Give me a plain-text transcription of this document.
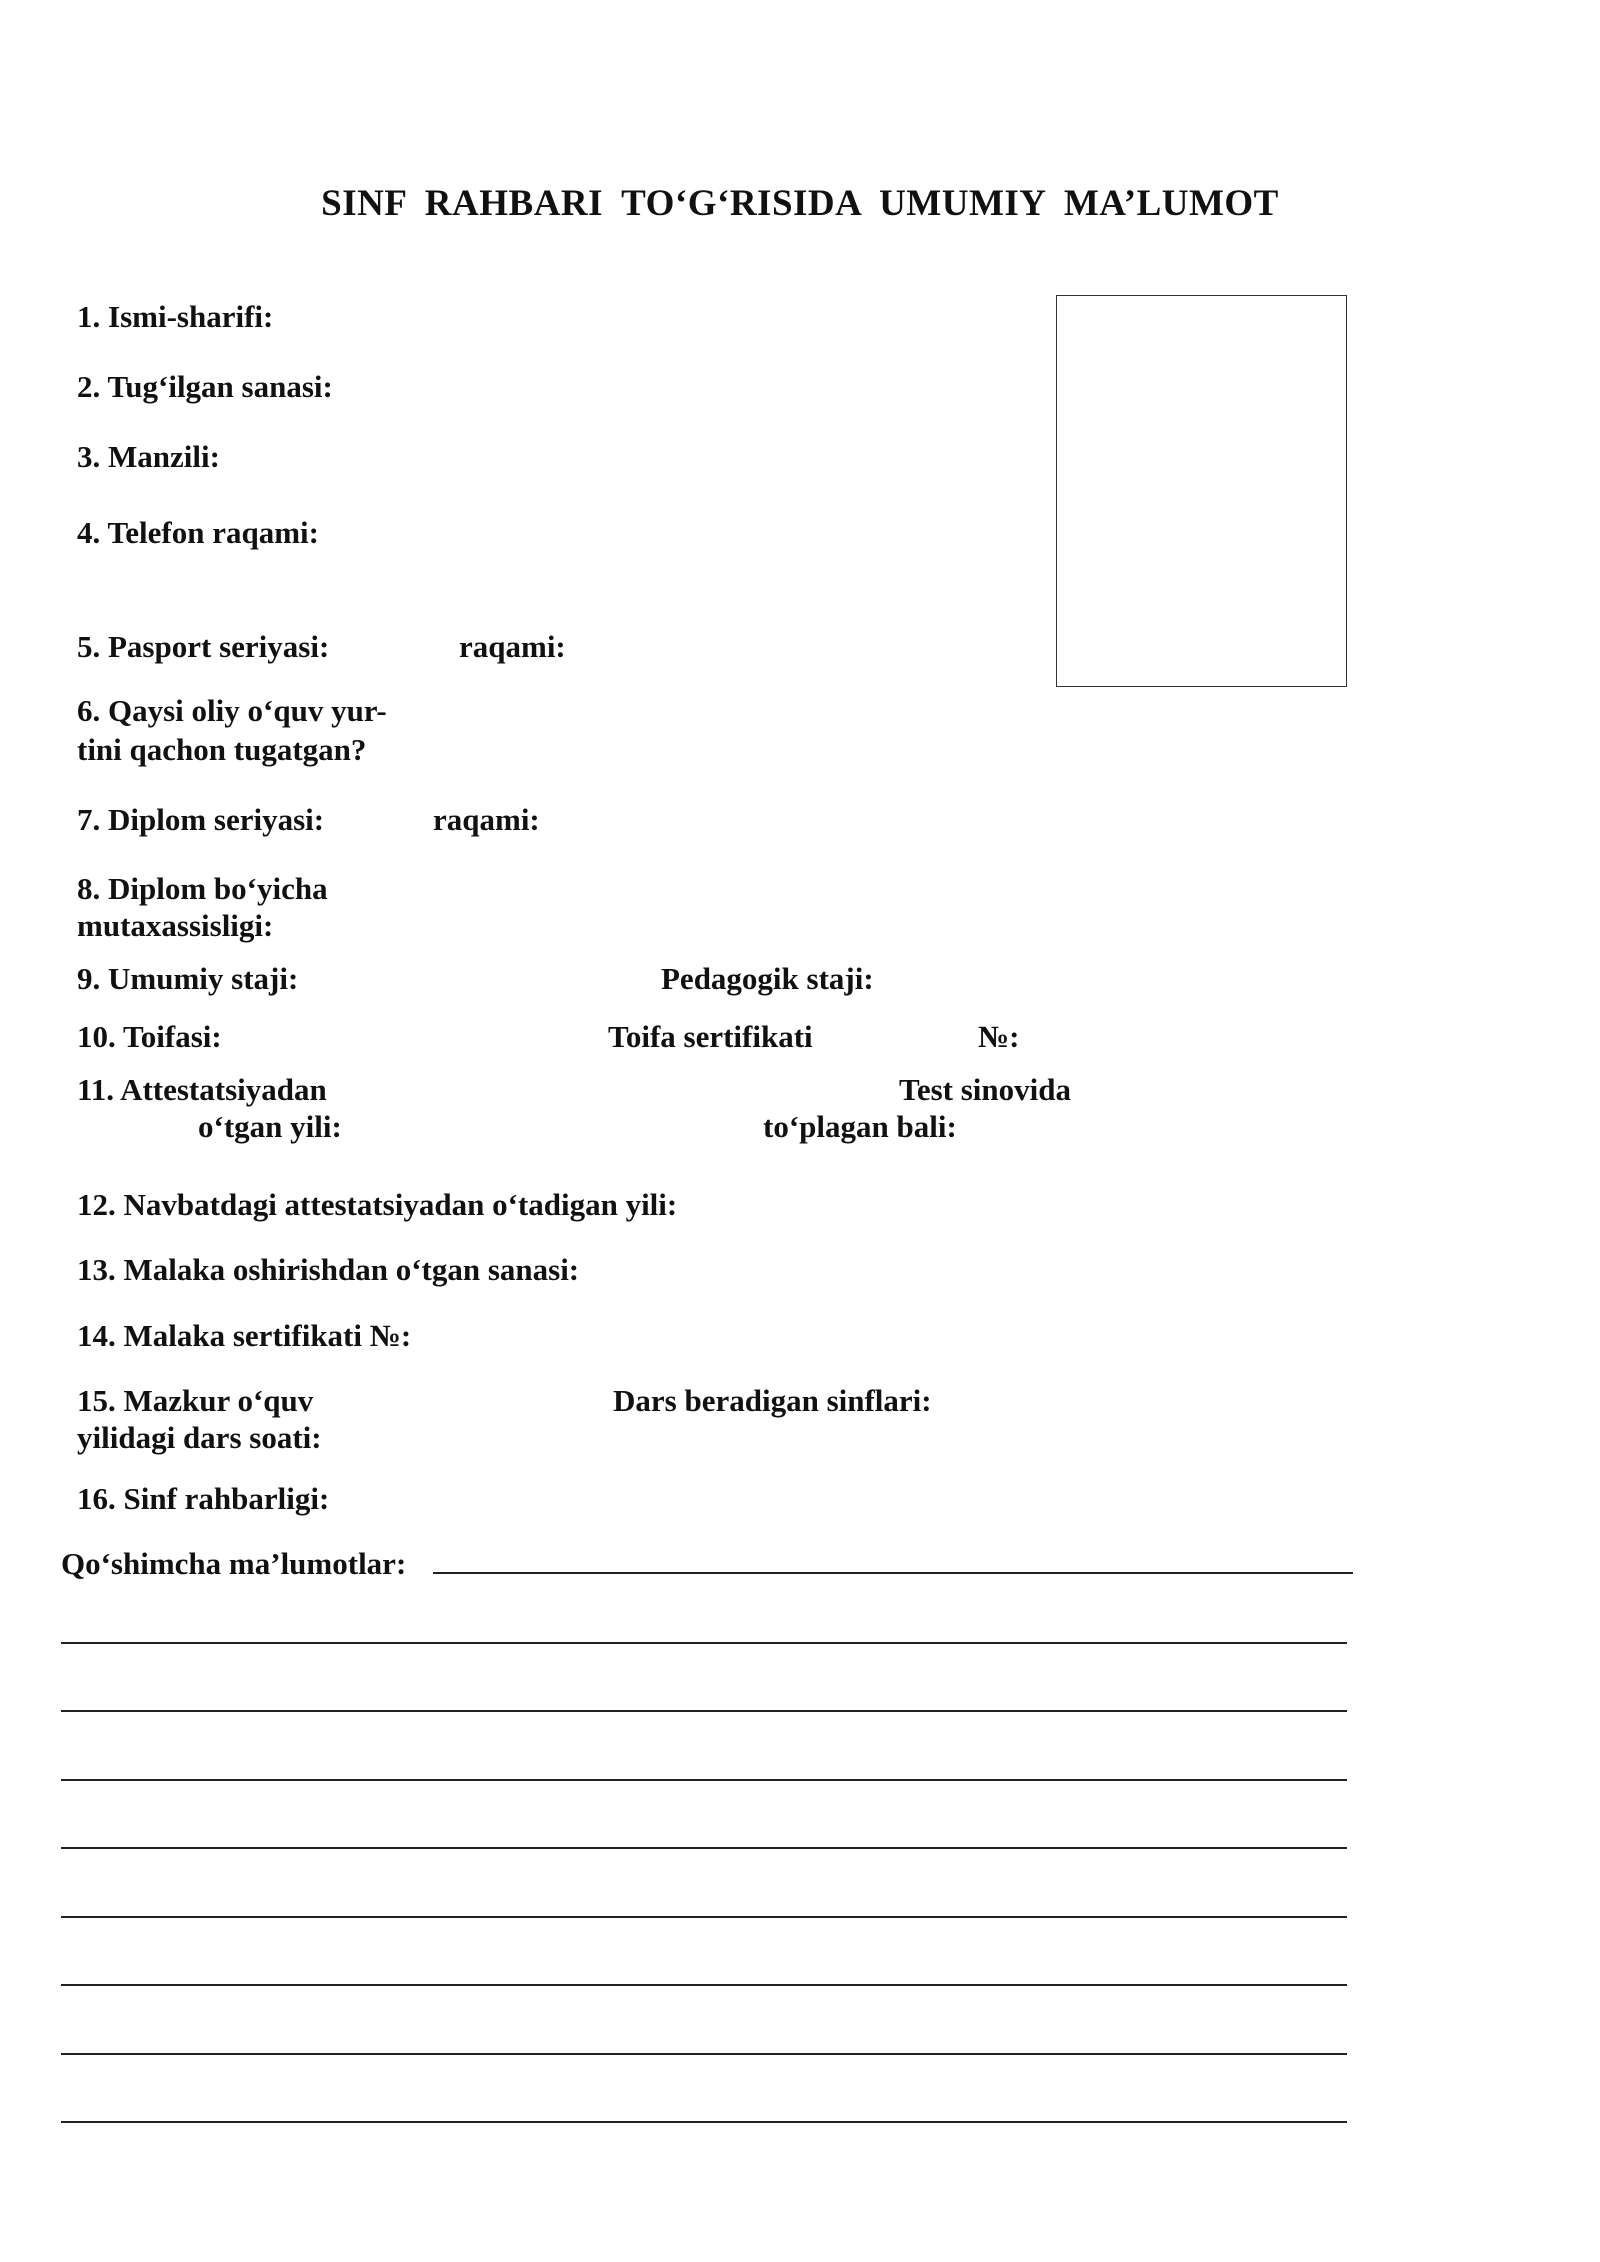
SINF RAHBARI TO‘G‘RISIDA UMUMIY MA’LUMOT
1. Ismi-sharifi:
2. Tug‘ilgan sanasi:
3. Manzili:
4. Telefon raqami:
5. Pasport seriyasi:	raqami:
6. Qaysi oliy o‘quv yur-
tini qachon tugatgan?
7. Diplom seriyasi:	raqami:
8. Diplom bo‘yicha
mutaxassisligi:
9. Umumiy staji:	Pedagogik staji:
10. Toifasi:	Toifa sertifikati	№:
11. Attestatsiyadan
o‘tgan yili:
Test sinovida
to‘plagan bali:
12. Navbatdagi attestatsiyadan o‘tadigan yili:
13. Malaka oshirishdan o‘tgan sanasi:
14. Malaka sertifikati №:
15. Mazkur o‘quv
yilidagi dars soati:
Dars beradigan sinflari:
16. Sinf rahbarligi:
Qo‘shimcha ma’lumotlar:
